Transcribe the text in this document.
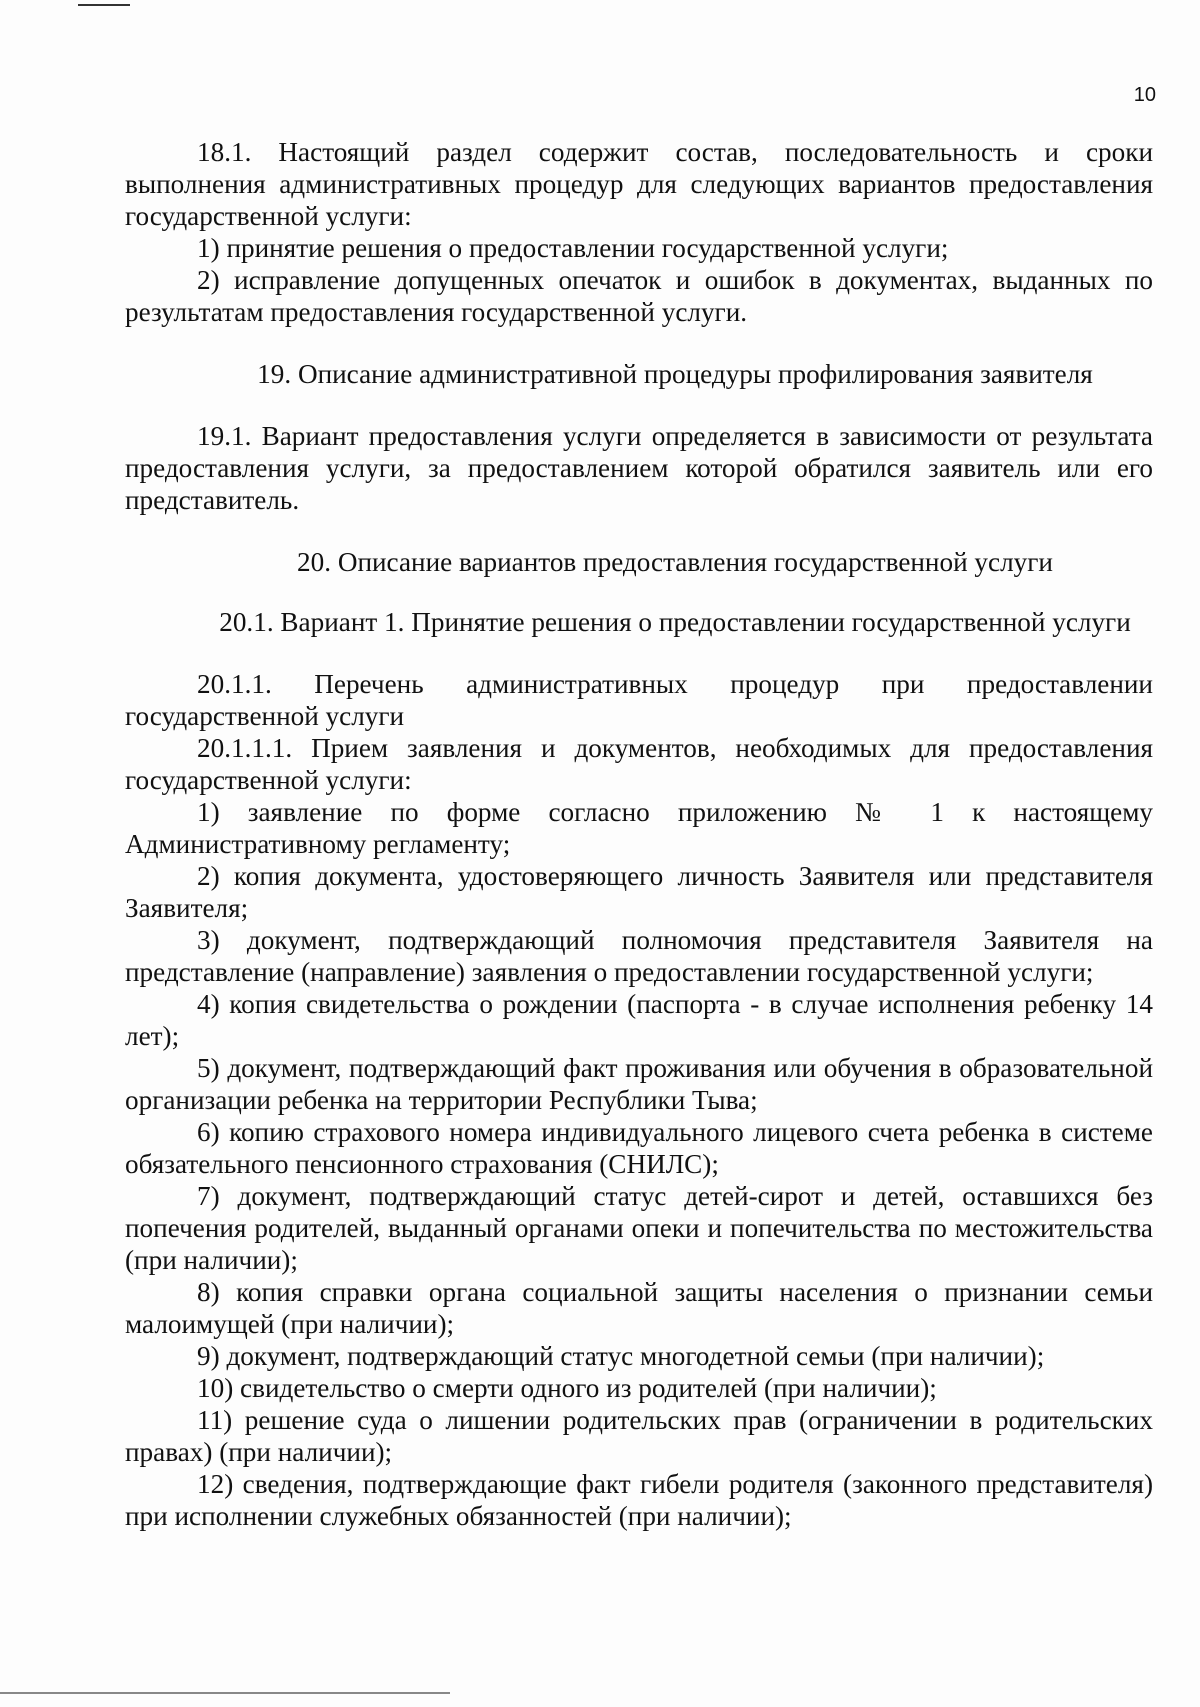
10

18.1. Настоящий раздел содержит состав, последовательность и сроки выполнения административных процедур для следующих вариантов предоставления государственной услуги:

1) принятие решения о предоставлении государственной услуги;

2) исправление допущенных опечаток и ошибок в документах, выданных по результатам предоставления государственной услуги.

19. Описание административной процедуры профилирования заявителя

19.1. Вариант предоставления услуги определяется в зависимости от результата предоставления услуги, за предоставлением которой обратился заявитель или его представитель.

20. Описание вариантов предоставления государственной услуги

20.1. Вариант 1. Принятие решения о предоставлении государственной услуги

20.1.1. Перечень административных процедур при предоставлении государственной услуги

20.1.1.1. Прием заявления и документов, необходимых для предоставления государственной услуги:

1) заявление по форме согласно приложению № 1 к настоящему Административному регламенту;

2) копия документа, удостоверяющего личность Заявителя или представителя Заявителя;

3) документ, подтверждающий полномочия представителя Заявителя на представление (направление) заявления о предоставлении государственной услуги;

4) копия свидетельства о рождении (паспорта - в случае исполнения ребенку 14 лет);

5) документ, подтверждающий факт проживания или обучения в образовательной организации ребенка на территории Республики Тыва;

6) копию страхового номера индивидуального лицевого счета ребенка в системе обязательного пенсионного страхования (СНИЛС);

7) документ, подтверждающий статус детей-сирот и детей, оставшихся без попечения родителей, выданный органами опеки и попечительства по местожительства (при наличии);

8) копия справки органа социальной защиты населения о признании семьи малоимущей (при наличии);

9) документ, подтверждающий статус многодетной семьи (при наличии);

10) свидетельство о смерти одного из родителей (при наличии);

11) решение суда о лишении родительских прав (ограничении в родительских правах) (при наличии);

12) сведения, подтверждающие факт гибели родителя (законного представителя) при исполнении служебных обязанностей (при наличии);
